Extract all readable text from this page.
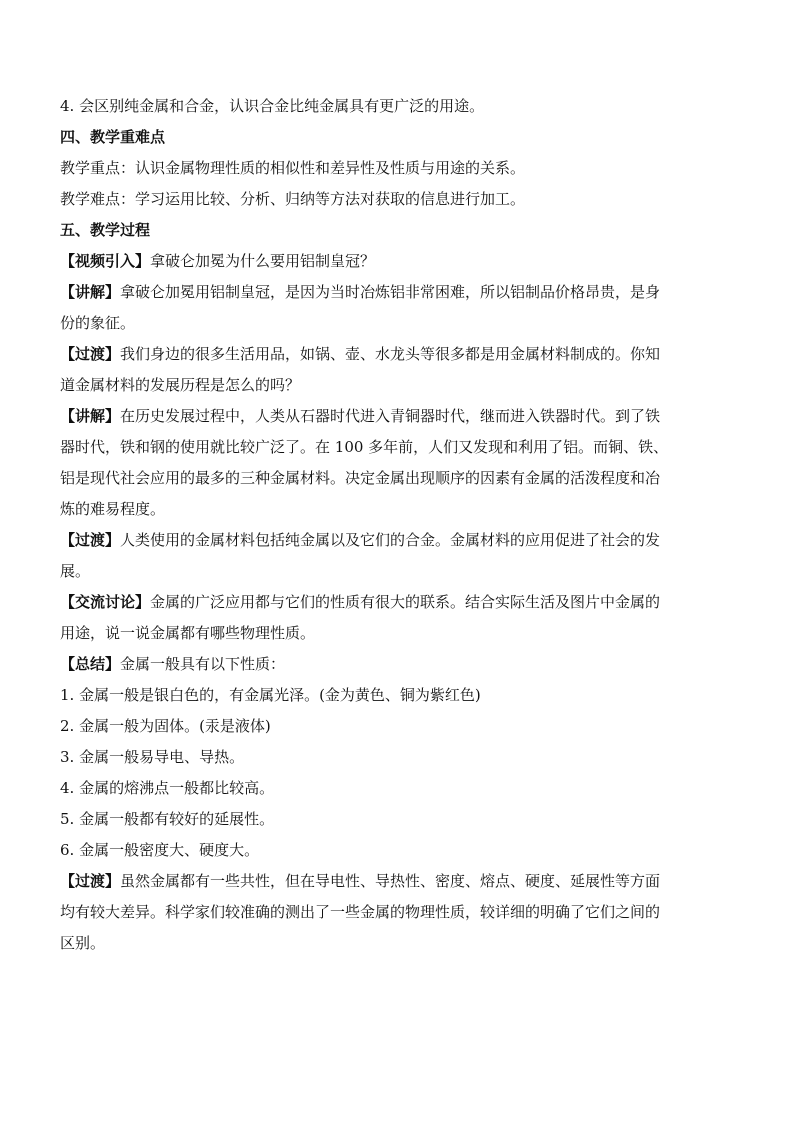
4. 会区别纯金属和合金，认识合金比纯金属具有更广泛的用途。

四、教学重难点

教学重点：认识金属物理性质的相似性和差异性及性质与用途的关系。

教学难点：学习运用比较、分析、归纳等方法对获取的信息进行加工。

五、教学过程

【视频引入】拿破仑加冕为什么要用铝制皇冠？

【讲解】拿破仑加冕用铝制皇冠，是因为当时冶炼铝非常困难，所以铝制品价格昂贵，是身

份的象征。

【过渡】我们身边的很多生活用品，如锅、壶、水龙头等很多都是用金属材料制成的。你知

道金属材料的发展历程是怎么的吗？

【讲解】在历史发展过程中，人类从石器时代进入青铜器时代，继而进入铁器时代。到了铁

器时代，铁和钢的使用就比较广泛了。在 100 多年前，人们又发现和利用了铝。而铜、铁、

铝是现代社会应用的最多的三种金属材料。决定金属出现顺序的因素有金属的活泼程度和冶

炼的难易程度。

【过渡】人类使用的金属材料包括纯金属以及它们的合金。金属材料的应用促进了社会的发

展。

【交流讨论】金属的广泛应用都与它们的性质有很大的联系。结合实际生活及图片中金属的

用途，说一说金属都有哪些物理性质。

【总结】金属一般具有以下性质：

1. 金属一般是银白色的，有金属光泽。(金为黄色、铜为紫红色)

2. 金属一般为固体。(汞是液体)

3. 金属一般易导电、导热。

4. 金属的熔沸点一般都比较高。

5. 金属一般都有较好的延展性。

6. 金属一般密度大、硬度大。

【过渡】虽然金属都有一些共性，但在导电性、导热性、密度、熔点、硬度、延展性等方面

均有较大差异。科学家们较准确的测出了一些金属的物理性质，较详细的明确了它们之间的

区别。
